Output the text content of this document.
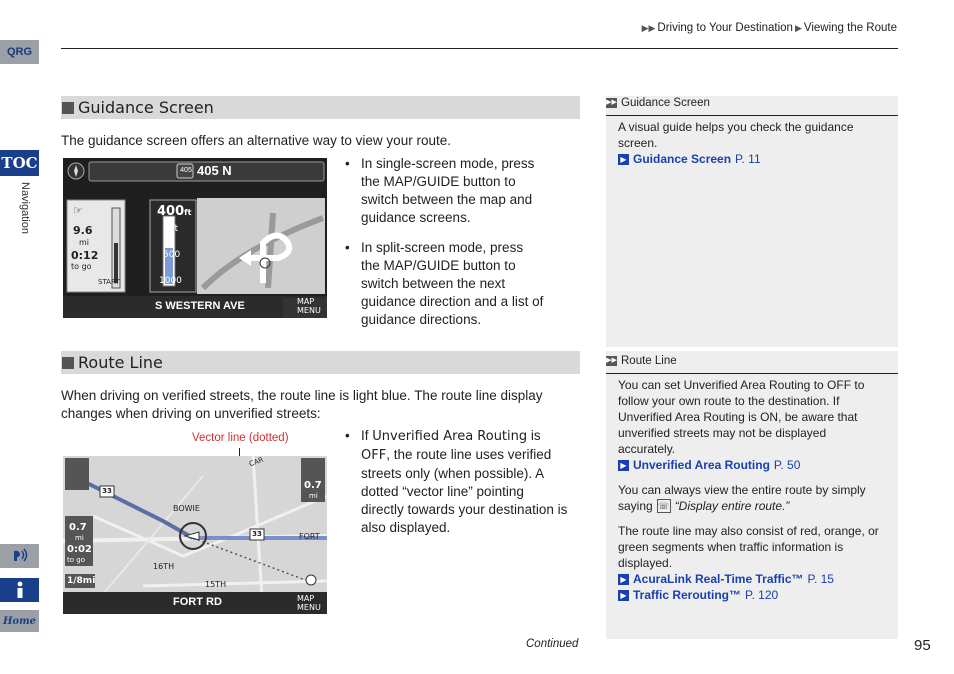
QRG
TOC
Navigation
Home
▶▶ Driving to Your Destination ▶ Viewing the Route
Guidance Screen
The guidance screen offers an alternative way to view your route.
405 405 N
☞
9.6
mi
0:12
to go
START
400ft
0 ft
500
1000
S WESTERN AVE	MAP
MENU
• In single-screen mode, press
the MAP/GUIDE button to
switch between the map and
guidance screens.
• In split-screen mode, press
the MAP/GUIDE button to
switch between the next
guidance direction and a list of
guidance directions.
Route Line
When driving on verified streets, the route line is light blue. The route line display
changes when driving on unverified streets:
Vector line (dotted)
33
33
BOWIE
16TH
15TH
FORT
CAR
0.7
mi
0:02
to go
1/8mi
0.7
mi
FORT RD	MAP
MENU
• If Unverified Area Routing is
OFF, the route line uses verified
streets only (when possible). A
dotted “vector line” pointing
directly towards your destination is
also displayed.
▶▶ Guidance Screen
A visual guide helps you check the guidance
screen.
▶ Guidance Screen P. 11
▶▶ Route Line
You can set Unverified Area Routing to OFF to
follow your own route to the destination. If
Unverified Area Routing is ON, be aware that
unverified streets may not be displayed
accurately.
▶ Unverified Area Routing P. 50
You can always view the entire route by simply
saying ☏ “Display entire route.”
The route line may also consist of red, orange, or
green segments when traffic information is
displayed.
▶ AcuraLink Real-Time Traffic™ P. 15
▶ Traffic Rerouting™ P. 120
Continued	95
